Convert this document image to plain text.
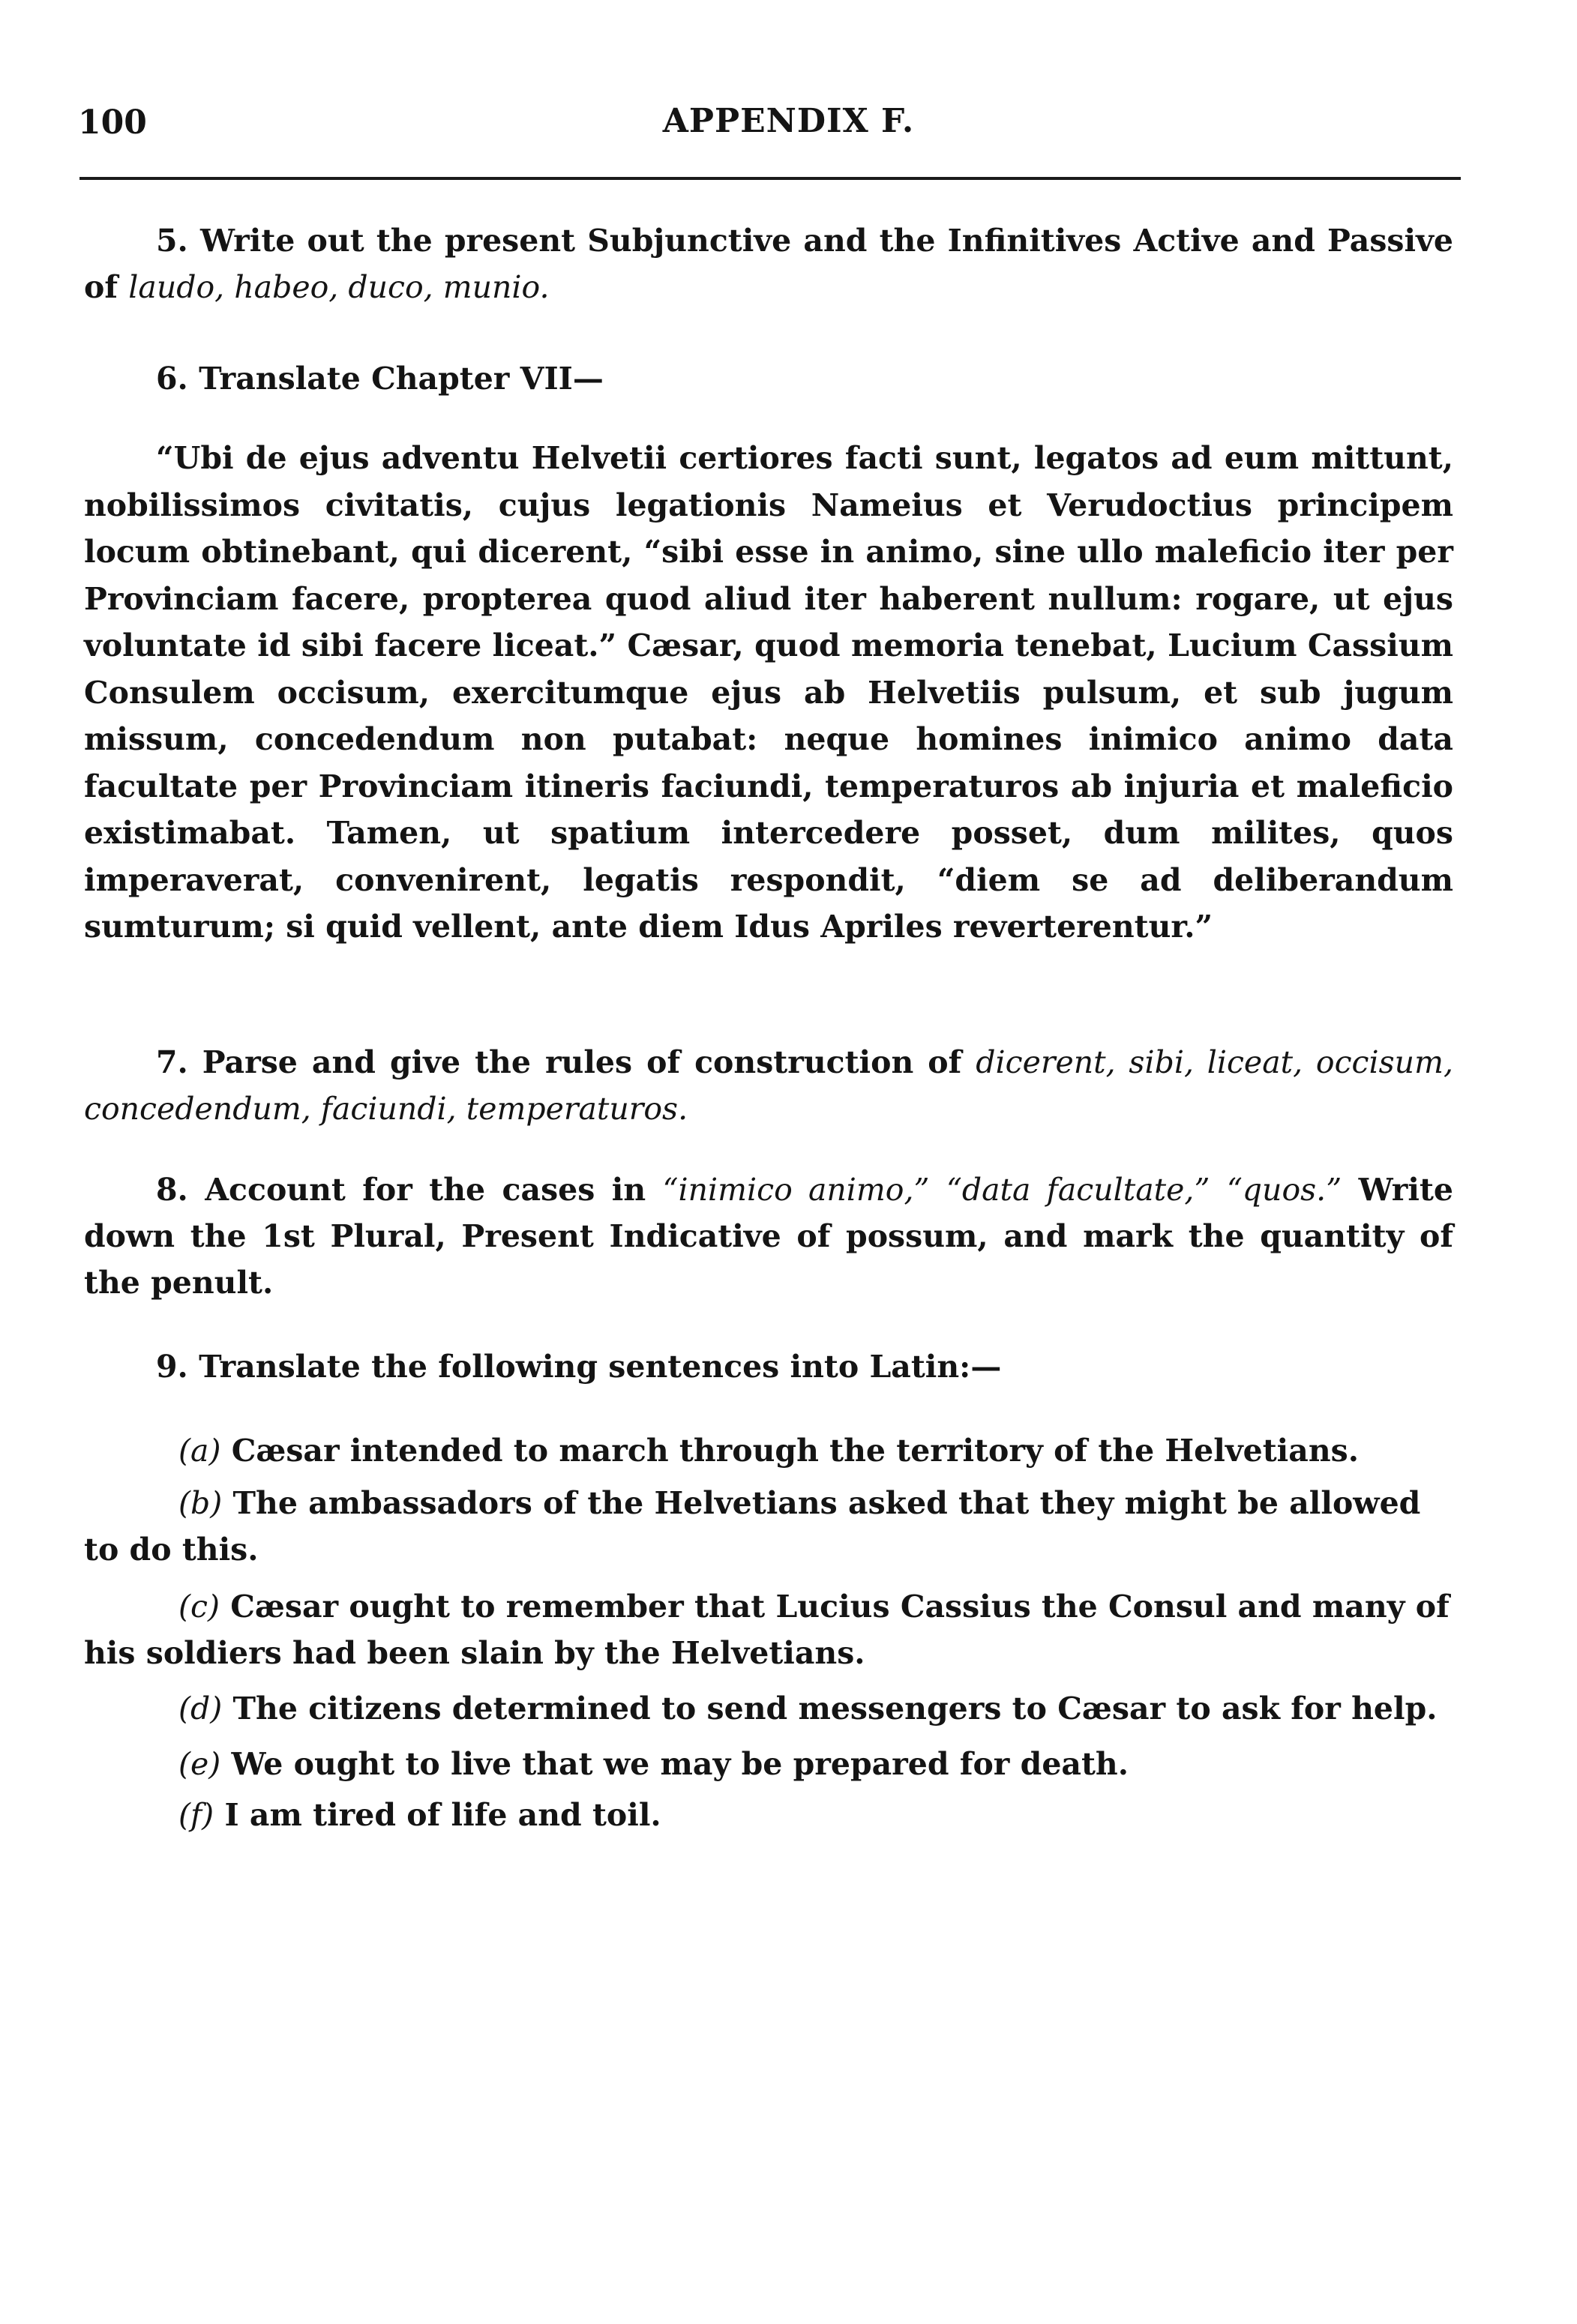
100	APPENDIX F.
5. Write out the present Subjunctive and the Infinitives Active and Passive of laudo, habeo, duco, munio.
6. Translate Chapter VII—
“Ubi de ejus adventu Helvetii certiores facti sunt, legatos ad eum mittunt, nobilissimos civitatis, cujus legationis Nameius et Verudoctius principem locum obtinebant, qui dicerent, “sibi esse in animo, sine ullo maleficio iter per Provinciam facere, propterea quod aliud iter haberent nullum: rogare, ut ejus voluntate id sibi facere liceat.” Cæsar, quod memoria tenebat, Lucium Cassium Consulem occisum, exercitumque ejus ab Helvetiis pulsum, et sub jugum missum, concedendum non putabat: neque homines inimico animo data facultate per Provinciam itineris faciundi, temperaturos ab injuria et maleficio existimabat. Tamen, ut spatium intercedere posset, dum milites, quos imperaverat, convenirent, legatis respondit, “diem se ad deliberandum sumturum; si quid vellent, ante diem Idus Apriles reverterentur.”
7. Parse and give the rules of construction of dicerent, sibi, liceat, occisum, concedendum, faciundi, temperaturos.
8. Account for the cases in “inimico animo,” “data facultate,” “quos.” Write down the 1st Plural, Present Indicative of possum, and mark the quantity of the penult.
9. Translate the following sentences into Latin:—
(a) Cæsar intended to march through the territory of the Helvetians.
(b) The ambassadors of the Helvetians asked that they might be allowed to do this.
(c) Cæsar ought to remember that Lucius Cassius the Consul and many of his soldiers had been slain by the Helvetians.
(d) The citizens determined to send messengers to Cæsar to ask for help.
(e) We ought to live that we may be prepared for death.
(f) I am tired of life and toil.
